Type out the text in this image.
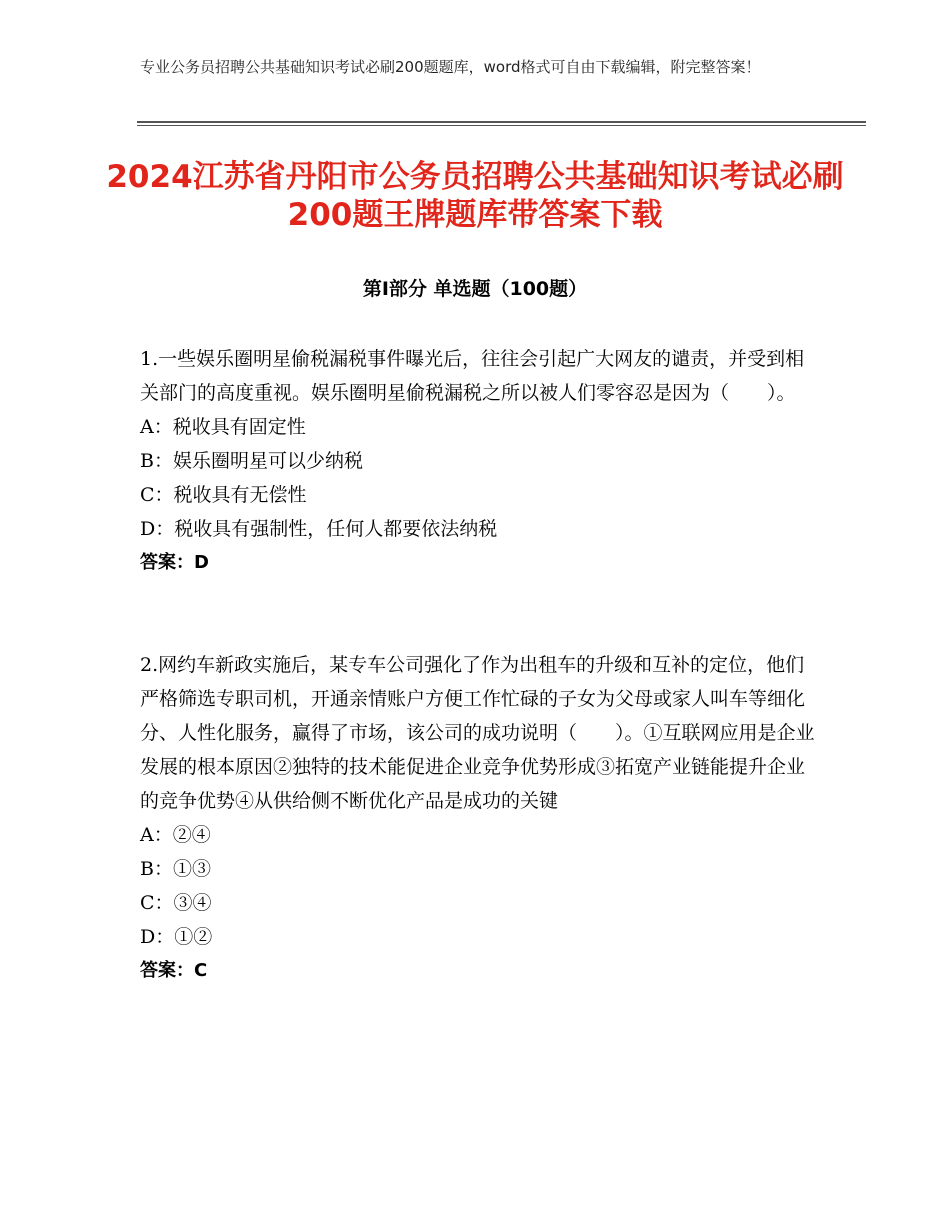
专业公务员招聘公共基础知识考试必刷200题题库，word格式可自由下载编辑，附完整答案！
2024江苏省丹阳市公务员招聘公共基础知识考试必刷200题王牌题库带答案下载
第I部分 单选题（100题）

1.一些娱乐圈明星偷税漏税事件曝光后，往往会引起广大网友的谴责，并受到相关部门的高度重视。娱乐圈明星偷税漏税之所以被人们零容忍是因为（　　）。

A：税收具有固定性

B：娱乐圈明星可以少纳税

C：税收具有无偿性

D：税收具有强制性，任何人都要依法纳税

答案：D

2.网约车新政实施后，某专车公司强化了作为出租车的升级和互补的定位，他们严格筛选专职司机，开通亲情账户方便工作忙碌的子女为父母或家人叫车等细化分、人性化服务，赢得了市场，该公司的成功说明（　　）。①互联网应用是企业发展的根本原因②独特的技术能促进企业竞争优势形成③拓宽产业链能提升企业的竞争优势④从供给侧不断优化产品是成功的关键

A：②④

B：①③

C：③④

D：①②

答案：C
